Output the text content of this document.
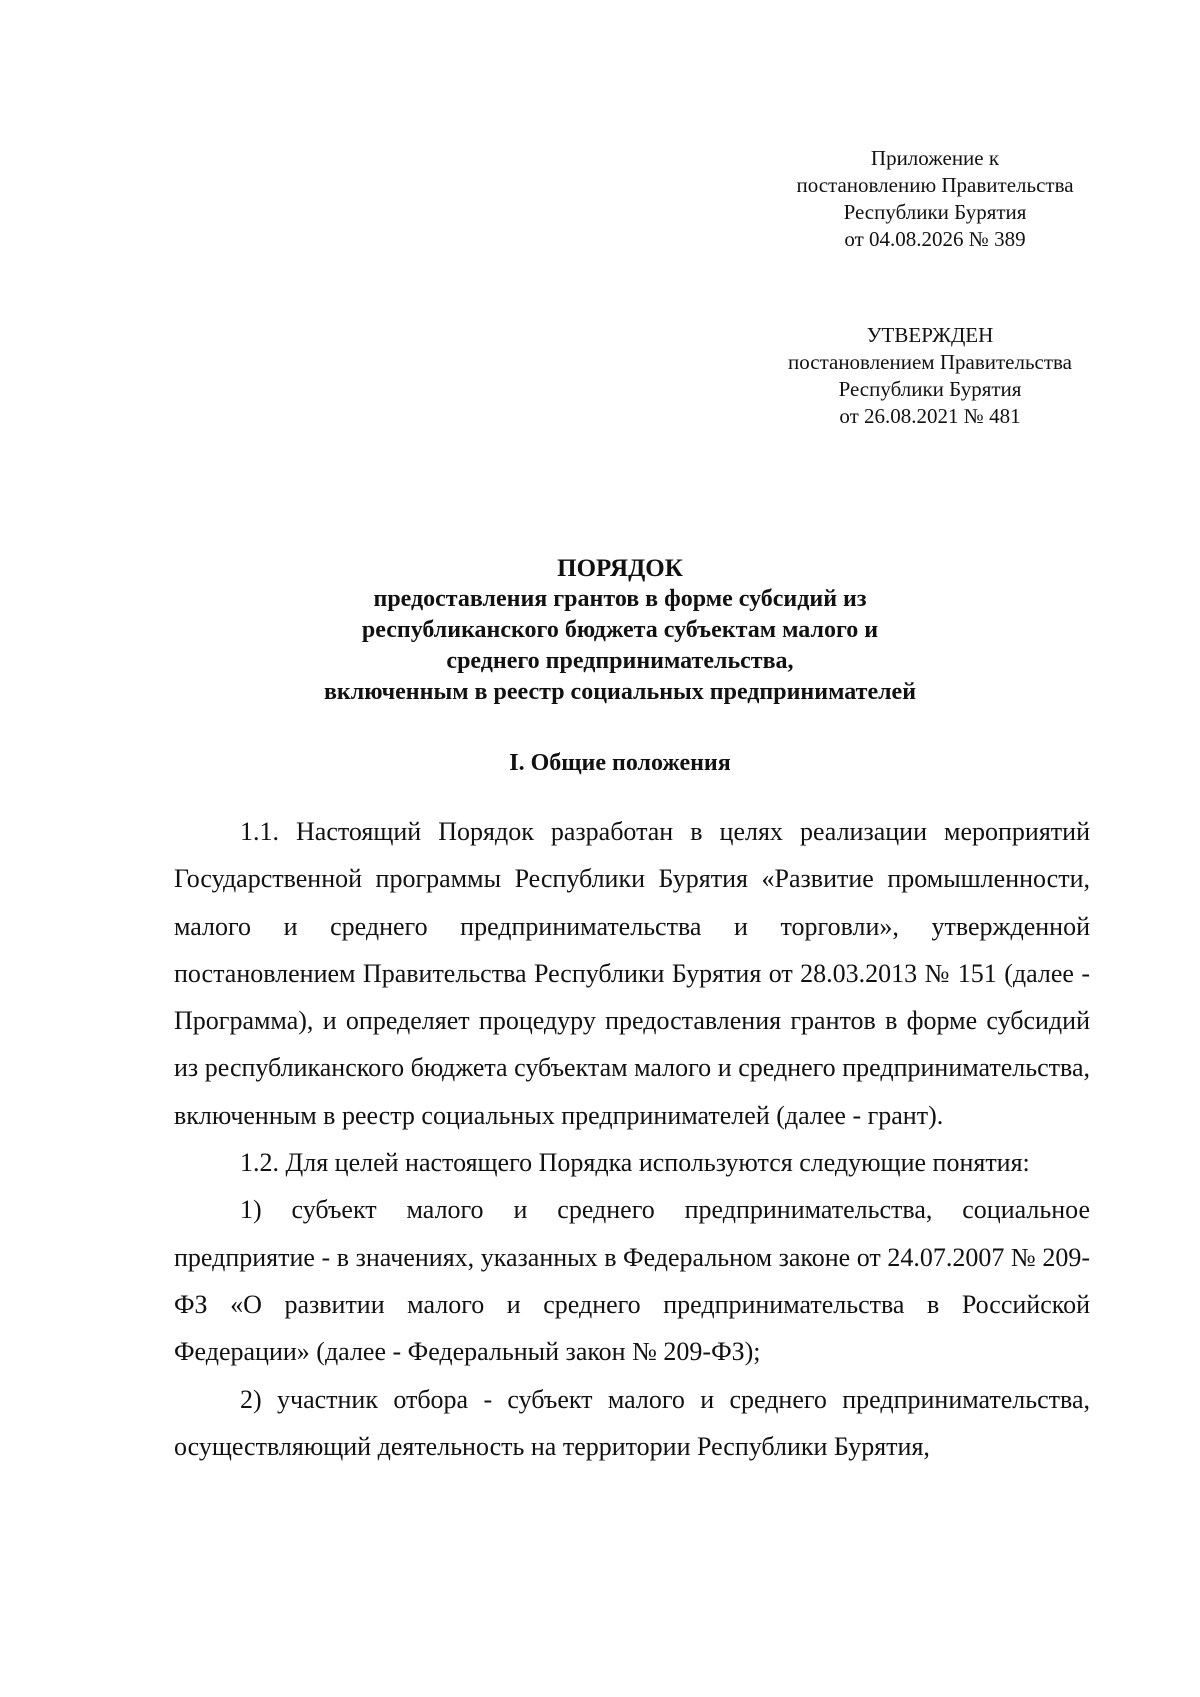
Приложение к
постановлению Правительства
Республики Бурятия
от 04.08.2026 № 389
УТВЕРЖДЕН
постановлением Правительства
Республики Бурятия
от 26.08.2021 № 481
ПОРЯДОК
предоставления грантов в форме субсидий из
республиканского бюджета субъектам малого и
среднего предпринимательства,
включенным в реестр социальных предпринимателей
I. Общие положения

1.1. Настоящий Порядок разработан в целях реализации мероприятий Государственной программы Республики Бурятия «Развитие промышленности, малого и среднего предпринимательства и торговли», утвержденной постановлением Правительства Республики Бурятия от 28.03.2013 № 151 (далее - Программа), и определяет процедуру предоставления грантов в форме субсидий из республиканского бюджета субъектам малого и среднего предпринимательства, включенным в реестр социальных предпринимателей (далее - грант).

1.2. Для целей настоящего Порядка используются следующие понятия:

1) субъект малого и среднего предпринимательства, социальное предприятие - в значениях, указанных в Федеральном законе от 24.07.2007 № 209-ФЗ «О развитии малого и среднего предпринимательства в Российской Федерации» (далее - Федеральный закон № 209-ФЗ);

2) участник отбора - субъект малого и среднего предпринимательства, осуществляющий деятельность на территории Республики Бурятия,
